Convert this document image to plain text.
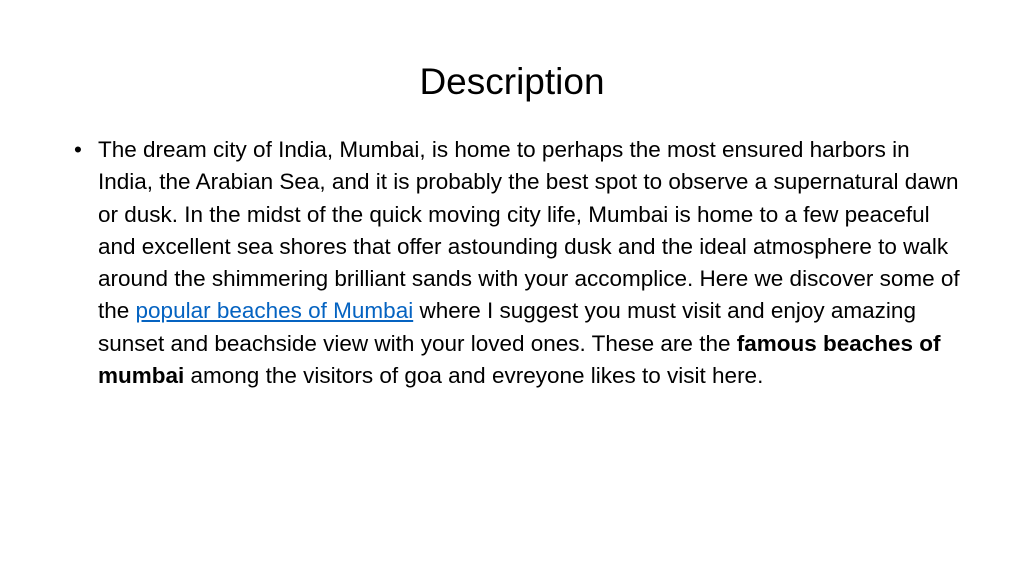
Description

• The dream city of India, Mumbai, is home to perhaps the most ensured harbors in India, the Arabian Sea, and it is probably the best spot to observe a supernatural dawn or dusk. In the midst of the quick moving city life, Mumbai is home to a few peaceful and excellent sea shores that offer astounding dusk and the ideal atmosphere to walk around the shimmering brilliant sands with your accomplice. Here we discover some of the popular beaches of Mumbai where I suggest you must visit and enjoy amazing sunset and beachside view with your loved ones. These are the famous beaches of mumbai among the visitors of goa and evreyone likes to visit here.
